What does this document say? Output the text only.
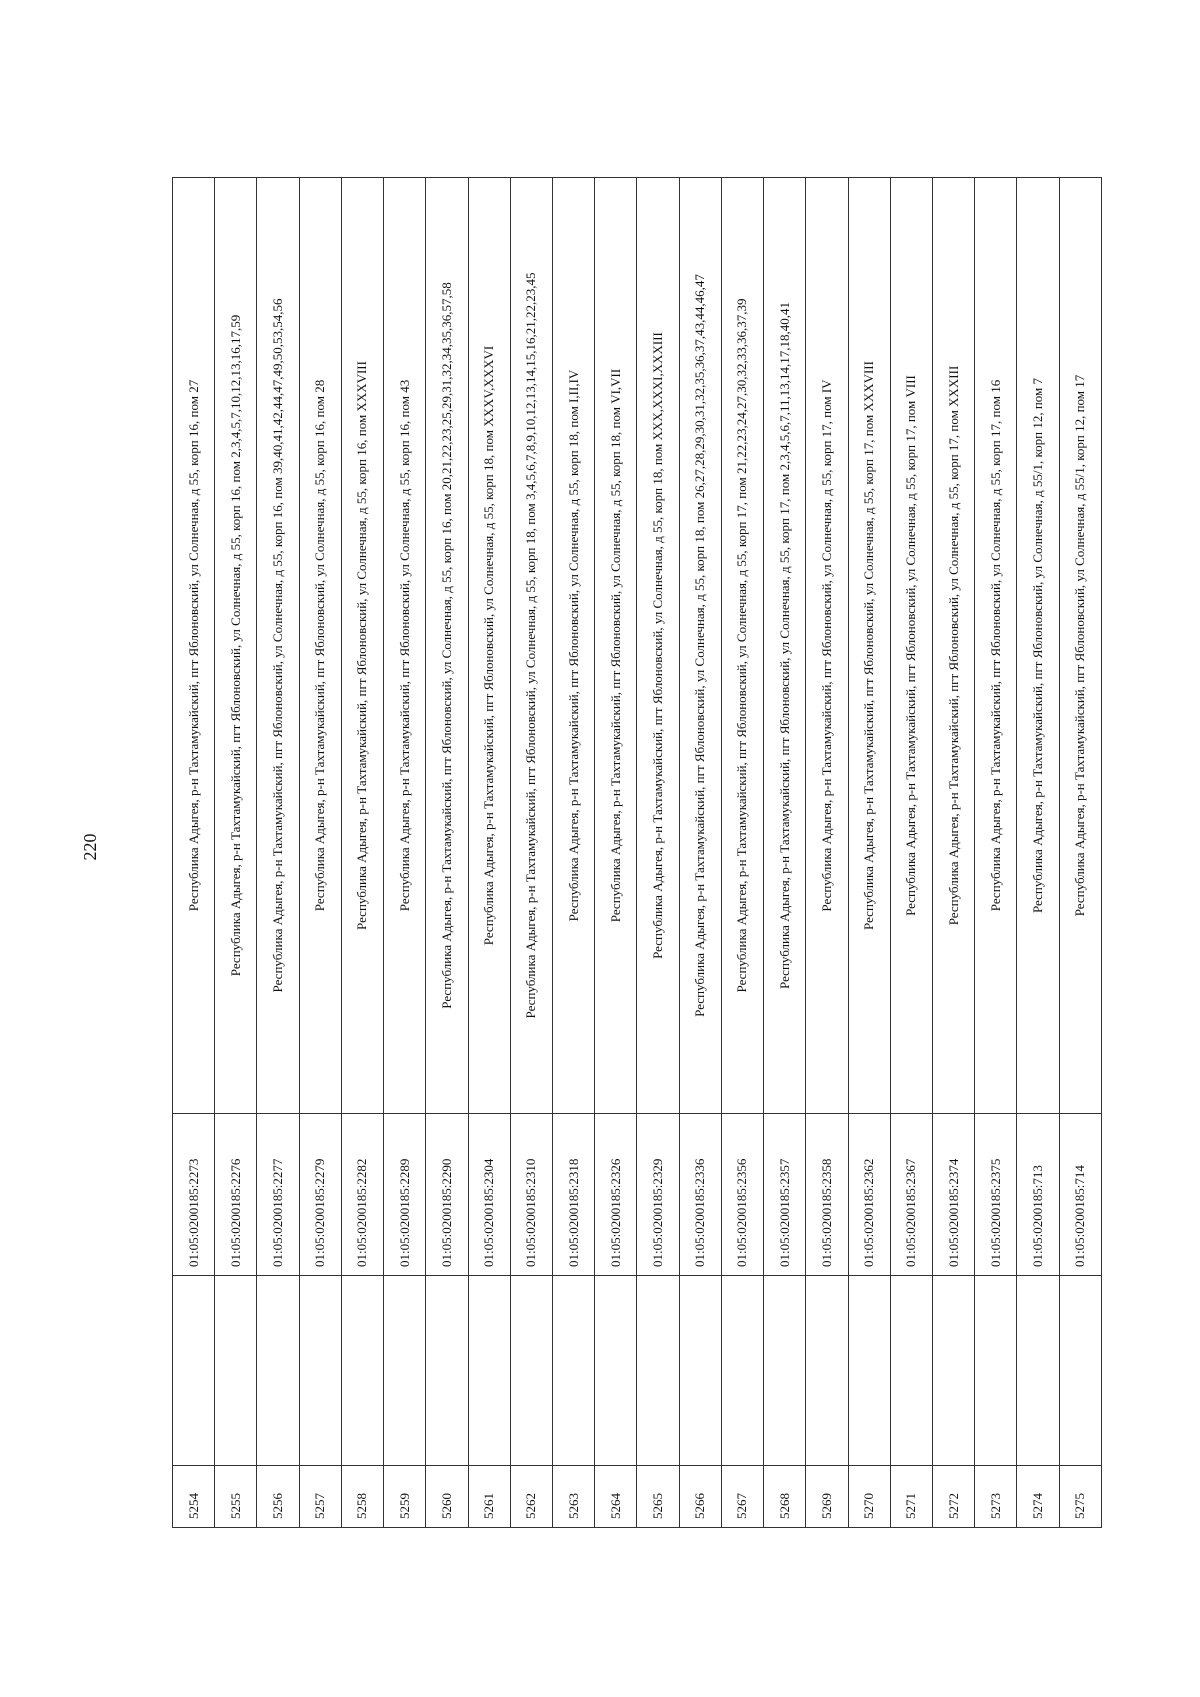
220
5254		01:05:0200185:2273	Республика Адыгея, р-н Тахтамукайский, пгт Яблоновский, ул Солнечная, д 55, корп 16, пом 27
5255		01:05:0200185:2276	Республика Адыгея, р-н Тахтамукайский, пгт Яблоновский, ул Солнечная, д 55, корп 16, пом 2,3,4,5,7,10,12,13,16,17,59
5256		01:05:0200185:2277	Республика Адыгея, р-н Тахтамукайский, пгт Яблоновский, ул Солнечная, д 55, корп 16, пом 39,40,41,42,44,47,49,50,53,54,56
5257		01:05:0200185:2279	Республика Адыгея, р-н Тахтамукайский, пгт Яблоновский, ул Солнечная, д 55, корп 16, пом 28
5258		01:05:0200185:2282	Республика Адыгея, р-н Тахтамукайский, пгт Яблоновский, ул Солнечная, д 55, корп 16, пом XXXVIII
5259		01:05:0200185:2289	Республика Адыгея, р-н Тахтамукайский, пгт Яблоновский, ул Солнечная, д 55, корп 16, пом 43
5260		01:05:0200185:2290	Республика Адыгея, р-н Тахтамукайский, пгт Яблоновский, ул Солнечная, д 55, корп 16, пом 20,21,22,23,25,29,31,32,34,35,36,57,58
5261		01:05:0200185:2304	Республика Адыгея, р-н Тахтамукайский, пгт Яблоновский, ул Солнечная, д 55, корп 18, пом XXXV,XXXVI
5262		01:05:0200185:2310	Республика Адыгея, р-н Тахтамукайский, пгт Яблоновский, ул Солнечная, д 55, корп 18, пом 3,4,5,6,7,8,9,10,12,13,14,15,16,21,22,23,45
5263		01:05:0200185:2318	Республика Адыгея, р-н Тахтамукайский, пгт Яблоновский, ул Солнечная, д 55, корп 18, пом I,II,IV
5264		01:05:0200185:2326	Республика Адыгея, р-н Тахтамукайский, пгт Яблоновский, ул Солнечная, д 55, корп 18, пом VI,VII
5265		01:05:0200185:2329	Республика Адыгея, р-н Тахтамукайский, пгт Яблоновский, ул Солнечная, д 55, корп 18, пом XXX,XXXI,XXXIII
5266		01:05:0200185:2336	Республика Адыгея, р-н Тахтамукайский, пгт Яблоновский, ул Солнечная, д 55, корп 18, пом 26,27,28,29,30,31,32,35,36,37,43,44,46,47
5267		01:05:0200185:2356	Республика Адыгея, р-н Тахтамукайский, пгт Яблоновский, ул Солнечная, д 55, корп 17, пом 21,22,23,24,27,30,32,33,36,37,39
5268		01:05:0200185:2357	Республика Адыгея, р-н Тахтамукайский, пгт Яблоновский, ул Солнечная, д 55, корп 17, пом 2,3,4,5,6,7,11,13,14,17,18,40,41
5269		01:05:0200185:2358	Республика Адыгея, р-н Тахтамукайский, пгт Яблоновский, ул Солнечная, д 55, корп 17, пом IV
5270		01:05:0200185:2362	Республика Адыгея, р-н Тахтамукайский, пгт Яблоновский, ул Солнечная, д 55, корп 17, пом XXXVIII
5271		01:05:0200185:2367	Республика Адыгея, р-н Тахтамукайский, пгт Яблоновский, ул Солнечная, д 55, корп 17, пом VIII
5272		01:05:0200185:2374	Республика Адыгея, р-н Тахтамукайский, пгт Яблоновский, ул Солнечная, д 55, корп 17, пом XXXIII
5273		01:05:0200185:2375	Республика Адыгея, р-н Тахтамукайский, пгт Яблоновский, ул Солнечная, д 55, корп 17, пом 16
5274		01:05:0200185:713	Республика Адыгея, р-н Тахтамукайский, пгт Яблоновский, ул Солнечная, д 55/1, корп 12, пом 7
5275		01:05:0200185:714	Республика Адыгея, р-н Тахтамукайский, пгт Яблоновский, ул Солнечная, д 55/1, корп 12, пом 17
